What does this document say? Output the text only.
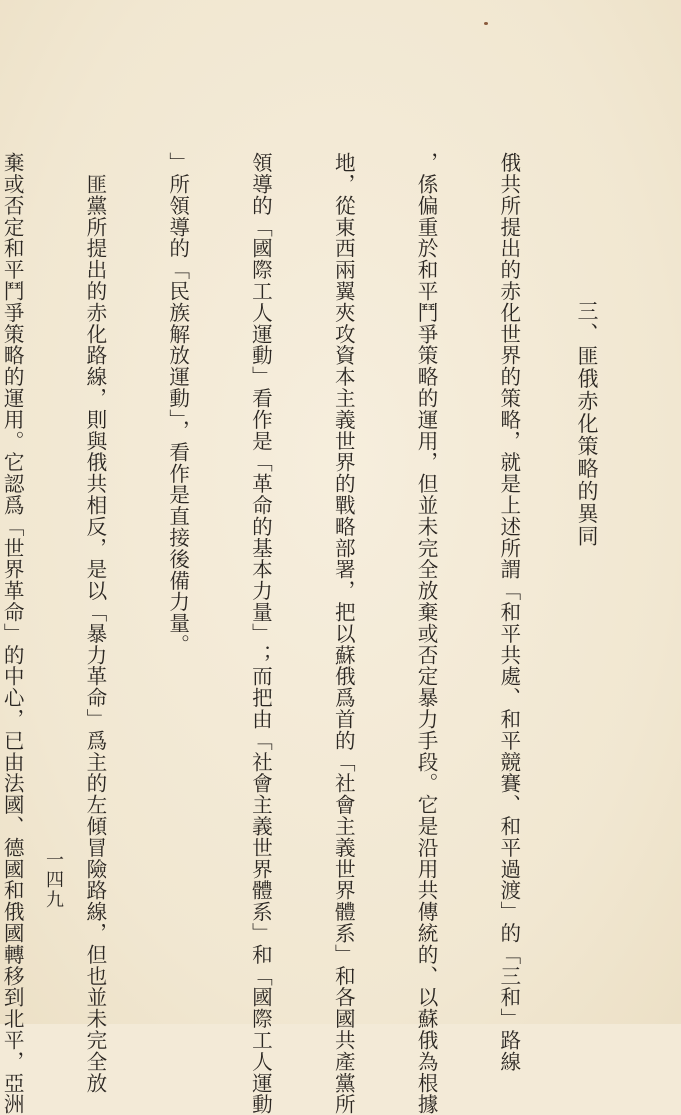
三、匪俄赤化策略的異同

俄共所提出的赤化世界的策略，就是上述所謂「和平共處、和平競賽、和平過渡」的「三和」路線

，係偏重於和平鬥爭策略的運用，但並未完全放棄或否定暴力手段。它是沿用共傳統的、以蘇俄為根據

地，從東西兩翼夾攻資本主義世界的戰略部署，把以蘇俄爲首的「社會主義世界體系」和各國共產黨所

領導的「國際工人運動」看作是「革命的基本力量」；而把由「社會主義世界體系」和「國際工人運動

」所領導的「民族解放運動」，看作是直接後備力量。

　匪黨所提出的赤化路線，則與俄共相反，是以「暴力革命」爲主的左傾冒險路線，但也並未完全放

棄或否定和平鬥爭策略的運用。它認爲「世界革命」的中心，已由法國、德國和俄國轉移到北平，亞洲

一四九
